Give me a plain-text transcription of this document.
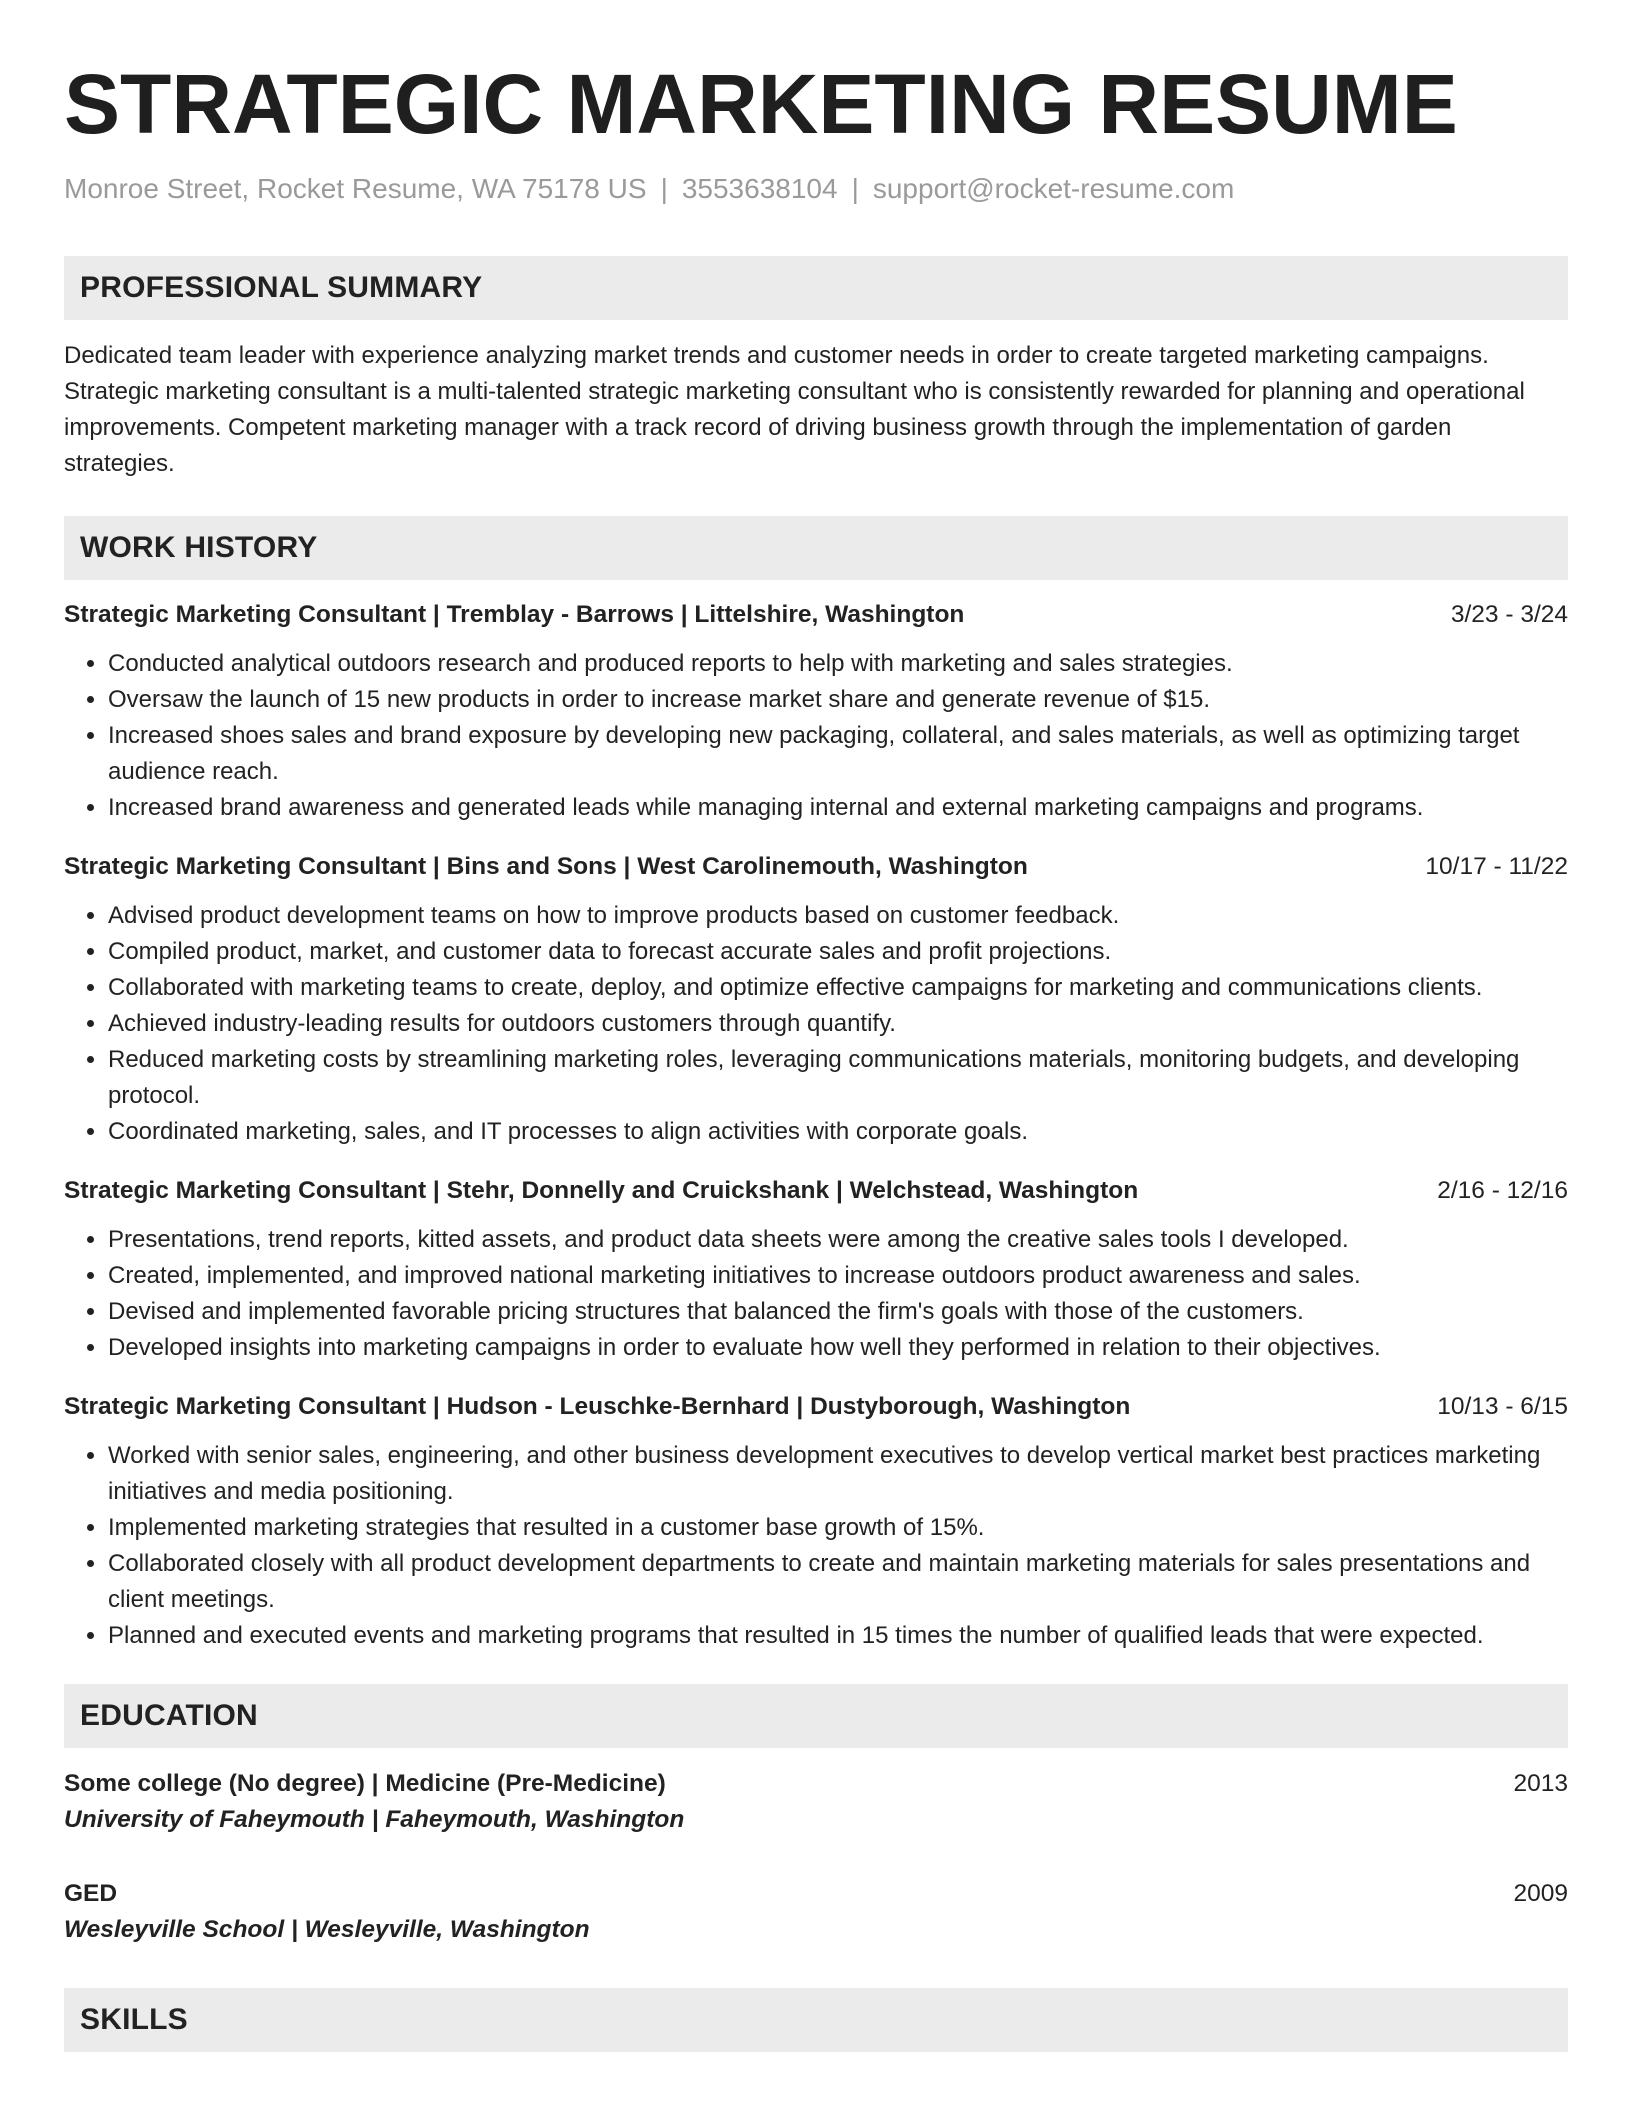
STRATEGIC MARKETING RESUME
Monroe Street, Rocket Resume, WA 75178 US | 3553638104 | support@rocket-resume.com
PROFESSIONAL SUMMARY

Dedicated team leader with experience analyzing market trends and customer needs in order to create targeted marketing campaigns. Strategic marketing consultant is a multi-talented strategic marketing consultant who is consistently rewarded for planning and operational improvements. Competent marketing manager with a track record of driving business growth through the implementation of garden strategies.

WORK HISTORY
Strategic Marketing Consultant | Tremblay - Barrows | Littelshire, Washington	3/23 - 3/24
• Conducted analytical outdoors research and produced reports to help with marketing and sales strategies.
• Oversaw the launch of 15 new products in order to increase market share and generate revenue of $15.
• Increased shoes sales and brand exposure by developing new packaging, collateral, and sales materials, as well as optimizing target audience reach.
• Increased brand awareness and generated leads while managing internal and external marketing campaigns and programs.
Strategic Marketing Consultant | Bins and Sons | West Carolinemouth, Washington	10/17 - 11/22
• Advised product development teams on how to improve products based on customer feedback.
• Compiled product, market, and customer data to forecast accurate sales and profit projections.
• Collaborated with marketing teams to create, deploy, and optimize effective campaigns for marketing and communications clients.
• Achieved industry-leading results for outdoors customers through quantify.
• Reduced marketing costs by streamlining marketing roles, leveraging communications materials, monitoring budgets, and developing protocol.
• Coordinated marketing, sales, and IT processes to align activities with corporate goals.
Strategic Marketing Consultant | Stehr, Donnelly and Cruickshank | Welchstead, Washington	2/16 - 12/16
• Presentations, trend reports, kitted assets, and product data sheets were among the creative sales tools I developed.
• Created, implemented, and improved national marketing initiatives to increase outdoors product awareness and sales.
• Devised and implemented favorable pricing structures that balanced the firm's goals with those of the customers.
• Developed insights into marketing campaigns in order to evaluate how well they performed in relation to their objectives.
Strategic Marketing Consultant | Hudson - Leuschke-Bernhard | Dustyborough, Washington	10/13 - 6/15
• Worked with senior sales, engineering, and other business development executives to develop vertical market best practices marketing initiatives and media positioning.
• Implemented marketing strategies that resulted in a customer base growth of 15%.
• Collaborated closely with all product development departments to create and maintain marketing materials for sales presentations and client meetings.
• Planned and executed events and marketing programs that resulted in 15 times the number of qualified leads that were expected.
EDUCATION
Some college (No degree) | Medicine (Pre-Medicine)	2013
University of Faheymouth | Faheymouth, Washington
GED	2009
Wesleyville School | Wesleyville, Washington
SKILLS
